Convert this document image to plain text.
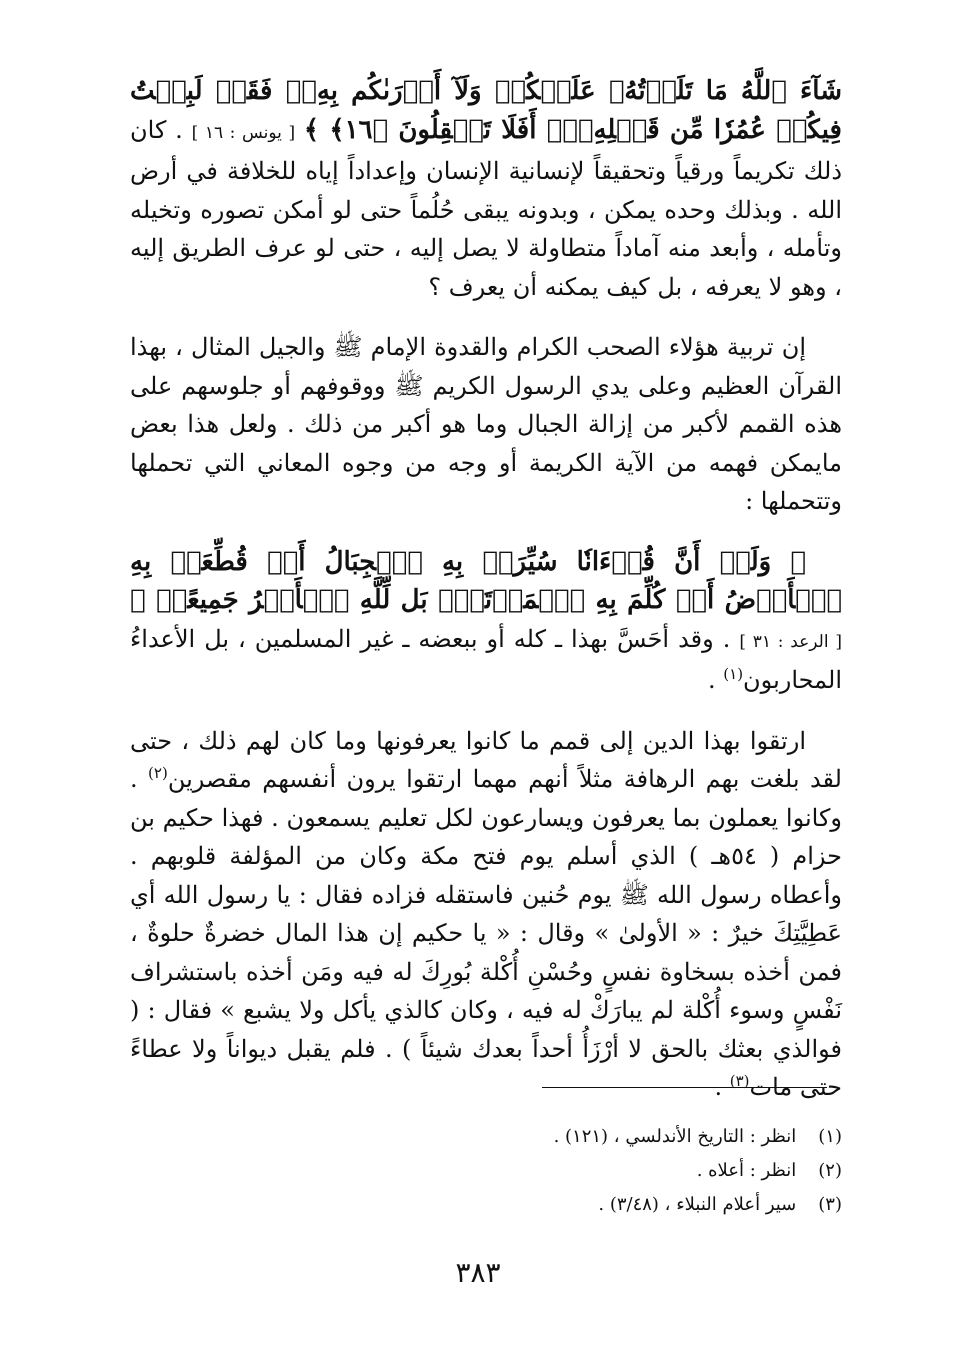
شَآءَ ٱللَّهُ مَا تَلَوۡتُهُۥ عَلَيۡكُمۡ وَلَآ أَدۡرَىٰكُم بِهِۦۖ فَقَدۡ لَبِثۡتُ فِيكُمۡ عُمُرٗا مِّن قَبۡلِهِۦٓۚ أَفَلَا تَعۡقِلُونَ ﴿١٦﴾ ﴾ [ يونس : ١٦ ] . كان ذلك تكريماً ورقياً وتحقيقاً لإنسانية الإنسان وإعداداً إياه للخلافة في أرض الله . وبذلك وحده يمكن ، وبدونه يبقى حُلُماً حتى لو أمكن تصوره وتخيله وتأمله ، وأبعد منه آماداً متطاولة لا يصل إليه ، حتى لو عرف الطريق إليه ، وهو لا يعرفه ، بل كيف يمكنه أن يعرف ؟

إن تربية هؤلاء الصحب الكرام والقدوة الإمام ﷺ والجيل المثال ، بهذا القرآن العظيم وعلى يدي الرسول الكريم ﷺ ووقوفهم أو جلوسهم على هذه القمم لأكبر من إزالة الجبال وما هو أكبر من ذلك . ولعل هذا بعض مايمكن فهمه من الآية الكريمة أو وجه من وجوه المعاني التي تحملها وتتحملها :

﴿ وَلَوۡ أَنَّ قُرۡءَانٗا سُيِّرَتۡ بِهِ ٱلۡجِبَالُ أَوۡ قُطِّعَتۡ بِهِ ٱلۡأَرۡضُ أَوۡ كُلِّمَ بِهِ ٱلۡمَوۡتَىٰۗ بَل لِّلَّهِ ٱلۡأَمۡرُ جَمِيعًاۗ ﴾ [ الرعد : ٣١ ] . وقد أحَسَّ بهذا ـ كله أو ببعضه ـ غير المسلمين ، بل الأعداءُ المحاربون$^{(١)}$ .

ارتقوا بهذا الدين إلى قمم ما كانوا يعرفونها وما كان لهم ذلك ، حتى لقد بلغت بهم الرهافة مثلاً أنهم مهما ارتقوا يرون أنفسهم مقصرين$^{(٢)}$ . وكانوا يعملون بما يعرفون ويسارعون لكل تعليم يسمعون . فهذا حكيم بن حزام ( ٥٤هـ ) الذي أسلم يوم فتح مكة وكان من المؤلفة قلوبهم . وأعطاه رسول الله ﷺ يوم حُنين فاستقله فزاده فقال : يا رسول الله أي عَطِيَّتِكَ خيرٌ : « الأولىٰ » وقال : « يا حكيم إن هذا المال خضرةٌ حلوةٌ ، فمن أخذه بسخاوة نفسٍ وحُسْنِ أُكْلة بُورِكَ له فيه ومَن أخذه باستشراف نَفْسٍ وسوء أُكْلة لم يبارَكْ له فيه ، وكان كالذي يأكل ولا يشبع » فقال : ( فوالذي بعثك بالحق لا أرْزَأُ أحداً بعدك شيئاً ) . فلم يقبل ديواناً ولا عطاءً حتى مات$^{(٣)}$ .

(١) انظر : التاريخ الأندلسي ، (١٢١) .
(٢) انظر : أعلاه .
(٣) سير أعلام النبلاء ، (٣/٤٨) .
٣٨٣
